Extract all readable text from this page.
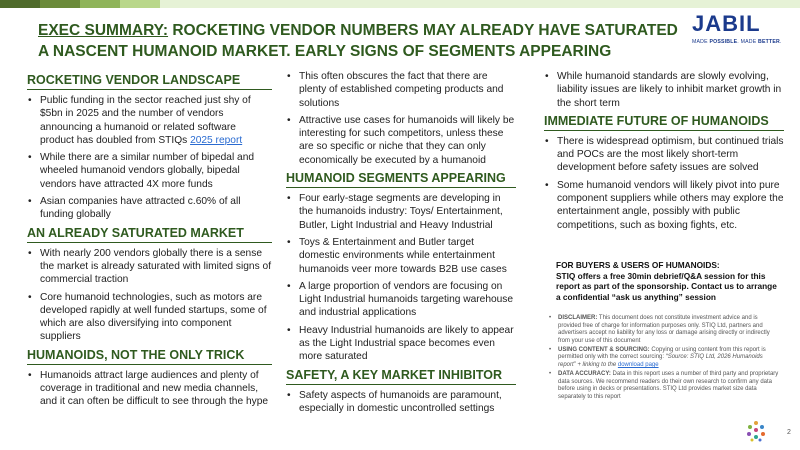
EXEC SUMMARY: ROCKETING VENDOR NUMBERS MAY ALREADY HAVE SATURATED A NASCENT HUMANOID MARKET. EARLY SIGNS OF SEGMENTS APPEARING
JABIL
MADE POSSIBLE. MADE BETTER.
ROCKETING VENDOR LANDSCAPE
• Public funding in the sector reached just shy of $5bn in 2025 and the number of vendors announcing a humanoid or related software product has doubled from STIQs 2025 report
• While there are a similar number of bipedal and wheeled humanoid vendors globally, bipedal vendors have attracted 4X more funds
• Asian companies have attracted c.60% of all funding globally
AN ALREADY SATURATED MARKET
• With nearly 200 vendors globally there is a sense the market is already saturated with limited signs of commercial traction
• Core humanoid technologies, such as motors are developed rapidly at well funded startups, some of which are also diversifying into component suppliers
HUMANOIDS, NOT THE ONLY TRICK
• Humanoids attract large audiences and plenty of coverage in traditional and new media channels, and it can often be difficult to see through the hype
• This often obscures the fact that there are plenty of established competing products and solutions
• Attractive use cases for humanoids will likely be interesting for such competitors, unless these are so specific or niche that they can only economically be executed by a humanoid
HUMANOID SEGMENTS APPEARING
• Four early-stage segments are developing in the humanoids industry: Toys/ Entertainment, Butler, Light Industrial and Heavy Industrial
• Toys & Entertainment and Butler target domestic environments while entertainment humanoids veer more towards B2B use cases
• A large proportion of vendors are focusing on Light Industrial humanoids targeting warehouse and industrial applications
• Heavy Industrial humanoids are likely to appear as the Light Industrial space becomes even more saturated
SAFETY, A KEY MARKET INHIBITOR
• Safety aspects of humanoids are paramount, especially in domestic uncontrolled settings
• While humanoid standards are slowly evolving, liability issues are likely to inhibit market growth in the short term
IMMEDIATE FUTURE OF HUMANOIDS
• There is widespread optimism, but continued trials and POCs are the most likely short-term development before safety issues are solved
• Some humanoid vendors will likely pivot into pure component suppliers while others may explore the entertainment angle, possibly with public competitions, such as boxing fights, etc.
FOR BUYERS & USERS OF HUMANOIDS:
STIQ offers a free 30min debrief/Q&A session for this report as part of the sponsorship. Contact us to arrange a confidential “ask us anything” session
• DISCLAIMER: This document does not constitute investment advice and is provided free of charge for information purposes only. STIQ Ltd, partners and advertisers accept no liability for any loss or damage arising directly or indirectly from your use of this document
• USING CONTENT & SOURCING: Copying or using content from this report is permitted only with the correct sourcing: “Source: STIQ Ltd, 2026 Humanoids report” + linking to the download page
• DATA ACCURACY: Data in this report uses a number of third party and proprietary data sources. We recommend readers do their own research to confirm any data before using in decks or presentations. STIQ Ltd provides market size data separately to this report
2
